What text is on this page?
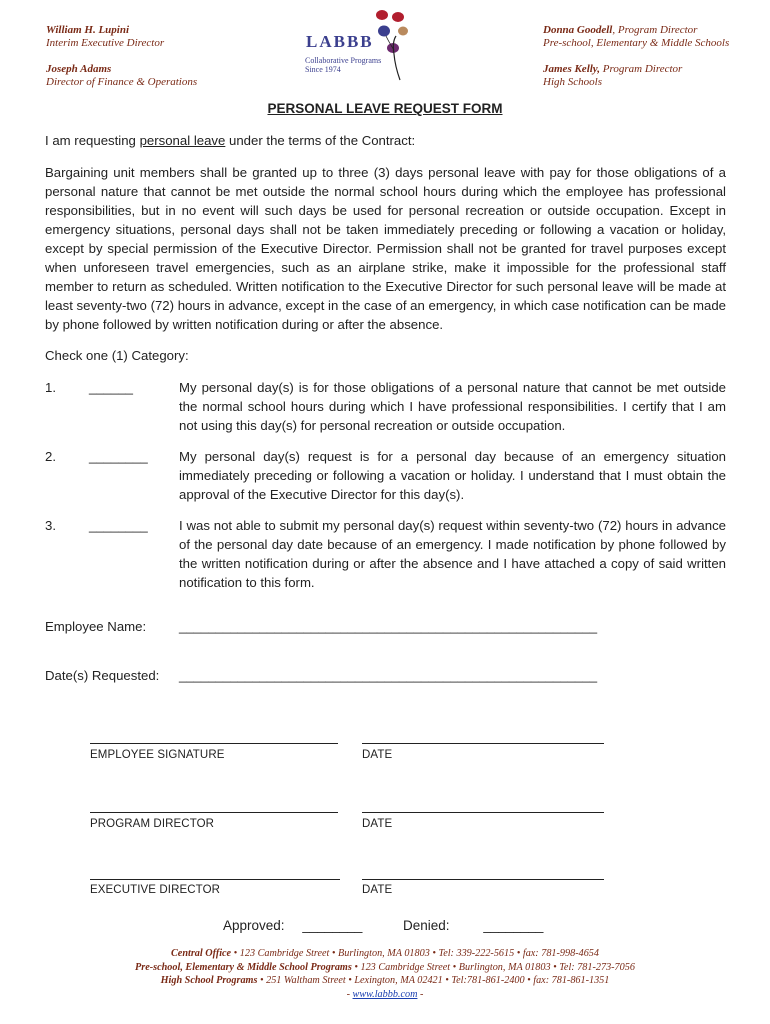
William H. Lupini
Interim Executive Director
Joseph Adams
Director of Finance & Operations
LABBB
Collaborative Programs
Since 1974
Donna Goodell, Program Director
Pre-school, Elementary & Middle Schools
James Kelly, Program Director
High Schools
PERSONAL LEAVE REQUEST FORM
I am requesting personal leave under the terms of the Contract:
Bargaining unit members shall be granted up to three (3) days personal leave with pay for those obligations of a personal nature that cannot be met outside the normal school hours during which the employee has professional responsibilities, but in no event will such days be used for personal recreation or outside occupation. Except in emergency situations, personal days shall not be taken immediately preceding or following a vacation or holiday, except by special permission of the Executive Director. Permission shall not be granted for travel purposes except when unforeseen travel emergencies, such as an airplane strike, make it impossible for the professional staff member to return as scheduled. Written notification to the Executive Director for such personal leave will be made at least seventy-two (72) hours in advance, except in the case of an emergency, in which case notification can be made by phone followed by written notification during or after the absence.
Check one (1) Category:
1.	______	My personal day(s) is for those obligations of a personal nature that cannot be met outside the normal school hours during which I have professional responsibilities. I certify that I am not using this day(s) for personal recreation or outside occupation.
2.	________ My personal day(s) request is for a personal day because of an emergency situation immediately preceding or following a vacation or holiday. I understand that I must obtain the approval of the Executive Director for this day(s).
3.	________ I was not able to submit my personal day(s) request within seventy-two (72) hours in advance of the personal day date because of an emergency. I made notification by phone followed by the written notification during or after the absence and I have attached a copy of said written notification to this form.
Employee Name: _________________________________________________________
Date(s) Requested: _________________________________________________________
EMPLOYEE SIGNATURE	DATE
PROGRAM DIRECTOR	DATE
EXECUTIVE DIRECTOR	DATE
Approved: ________	Denied:	________
Central Office • 123 Cambridge Street • Burlington, MA 01803 • Tel: 339-222-5615 • fax: 781-998-4654
Pre-school, Elementary & Middle School Programs • 123 Cambridge Street • Burlington, MA 01803 • Tel: 781-273-7056
High School Programs • 251 Waltham Street • Lexington, MA 02421 • Tel:781-861-2400 • fax: 781-861-1351
- www.labbb.com -
